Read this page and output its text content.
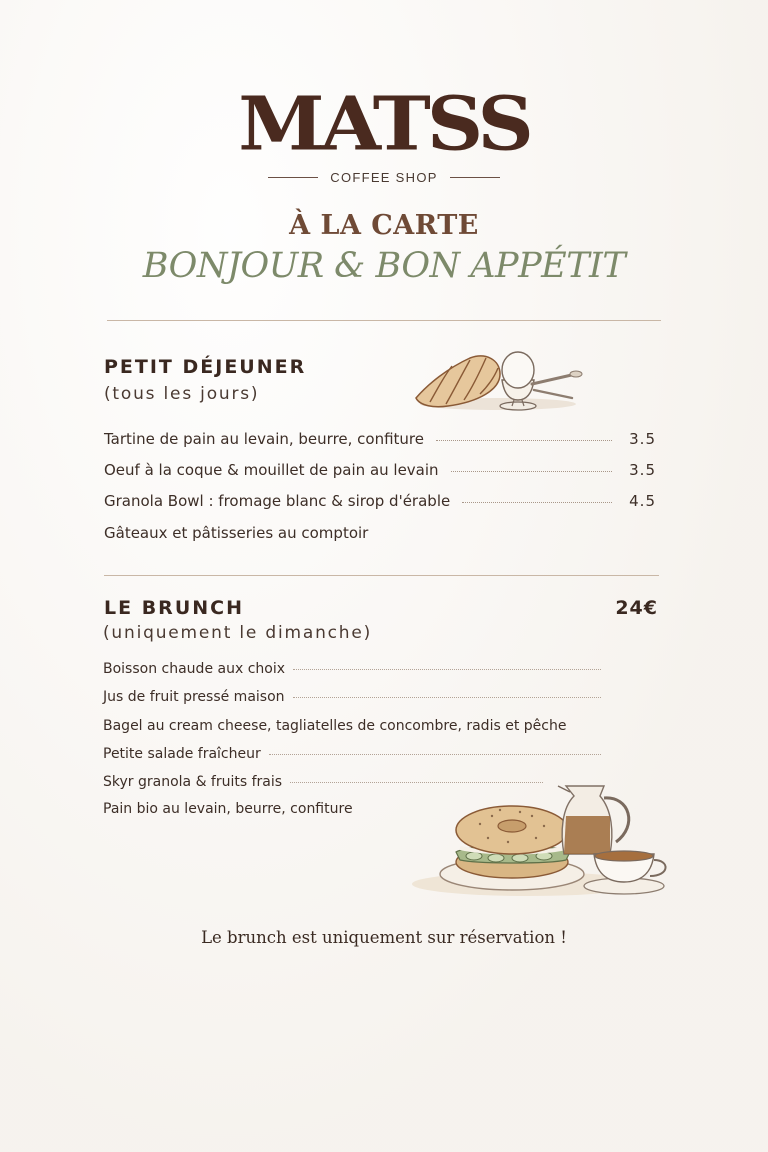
MATSS
COFFEE SHOP
À LA CARTE
BONJOUR & BON APPÉTIT
PETIT DÉJEUNER
(tous les jours)
Tartine de pain au levain, beurre, confiture	3.5
Oeuf à la coque & mouillet de pain au levain	3.5
Granola Bowl : fromage blanc & sirop d'érable	4.5
Gâteaux et pâtisseries au comptoir
LE BRUNCH	24€
(uniquement le dimanche)
Boisson chaude aux choix
Jus de fruit pressé maison
Bagel au cream cheese, tagliatelles de concombre, radis et pêche
Petite salade fraîcheur
Skyr granola & fruits frais
Pain bio au levain, beurre, confiture
Le brunch est uniquement sur réservation !
